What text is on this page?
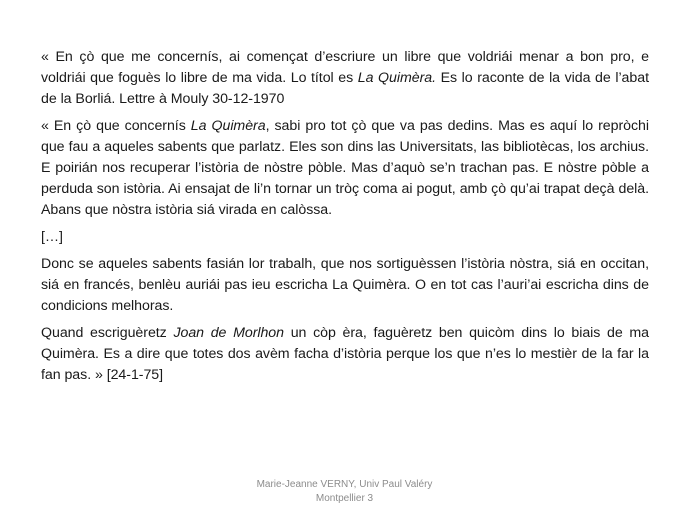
« En çò que me concernís, ai començat d’escriure un libre que voldriái menar a bon pro, e voldriái que foguès lo libre de ma vida. Lo títol es La Quimèra. Es lo raconte de la vida de l’abat de la Borliá. Lettre à Mouly 30-12-1970

« En çò que concernís La Quimèra, sabi pro tot çò que va pas dedins. Mas es aquí lo repròchi que fau a aqueles sabents que parlatz. Eles son dins las Universitats, las bibliotècas, los archius. E poirián nos recuperar l’istòria de nòstre pòble. Mas d’aquò se’n trachan pas. E nòstre pòble a perduda son istòria. Ai ensajat de li’n tornar un tròç coma ai pogut, amb çò qu’ai trapat deçà delà. Abans que nòstra istòria siá virada en calòssa.

[…]

Donc se aqueles sabents fasián lor trabalh, que nos sortiguèssen l’istòria nòstra, siá en occitan, siá en francés, benlèu auriái pas ieu escricha La Quimèra. O en tot cas l’auri’ai escricha dins de condicions melhoras.

Quand escriguèretz Joan de Morlhon un còp èra, faguèretz ben quicòm dins lo biais de ma Quimèra. Es a dire que totes dos avèm facha d’istòria perque los que n’es lo mestièr de la far la fan pas. » [24-1-75]

Marie-Jeanne VERNY, Univ Paul Valéry
Montpellier 3
